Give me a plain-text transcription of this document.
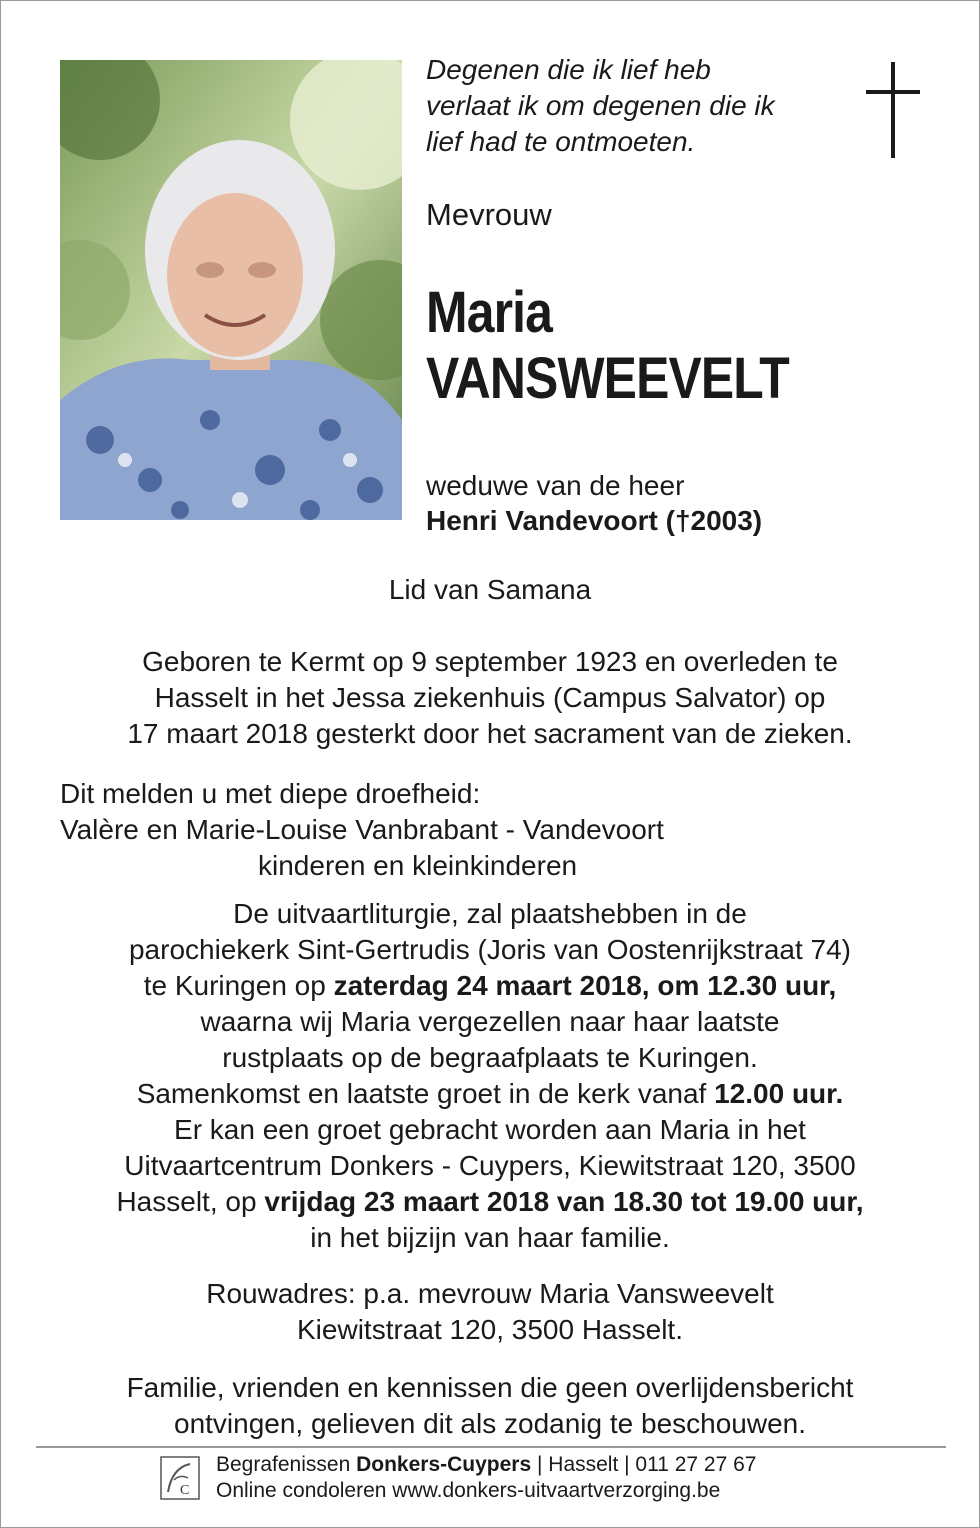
Degenen die ik lief heb
verlaat ik om degenen die ik
lief had te ontmoeten.
Mevrouw
Maria
VANSWEEVELT
weduwe van de heer
Henri Vandevoort (†2003)
Lid van Samana
Geboren te Kermt op 9 september 1923 en overleden te
Hasselt in het Jessa ziekenhuis (Campus Salvator) op
17 maart 2018 gesterkt door het sacrament van de zieken.
Dit melden u met diepe droefheid:
Valère en Marie-Louise Vanbrabant - Vandevoort
kinderen en kleinkinderen
De uitvaartliturgie, zal plaatshebben in de
parochiekerk Sint-Gertrudis (Joris van Oostenrijkstraat 74)
te Kuringen op zaterdag 24 maart 2018, om 12.30 uur,
waarna wij Maria vergezellen naar haar laatste
rustplaats op de begraafplaats te Kuringen.
Samenkomst en laatste groet in de kerk vanaf 12.00 uur.
Er kan een groet gebracht worden aan Maria in het
Uitvaartcentrum Donkers - Cuypers, Kiewitstraat 120, 3500
Hasselt, op vrijdag 23 maart 2018 van 18.30 tot 19.00 uur,
in het bijzijn van haar familie.
Rouwadres: p.a. mevrouw Maria Vansweevelt
Kiewitstraat 120, 3500 Hasselt.
Familie, vrienden en kennissen die geen overlijdensbericht
ontvingen, gelieven dit als zodanig te beschouwen.
C
Begrafenissen Donkers-Cuypers | Hasselt | 011 27 27 67
Online condoleren www.donkers-uitvaartverzorging.be
